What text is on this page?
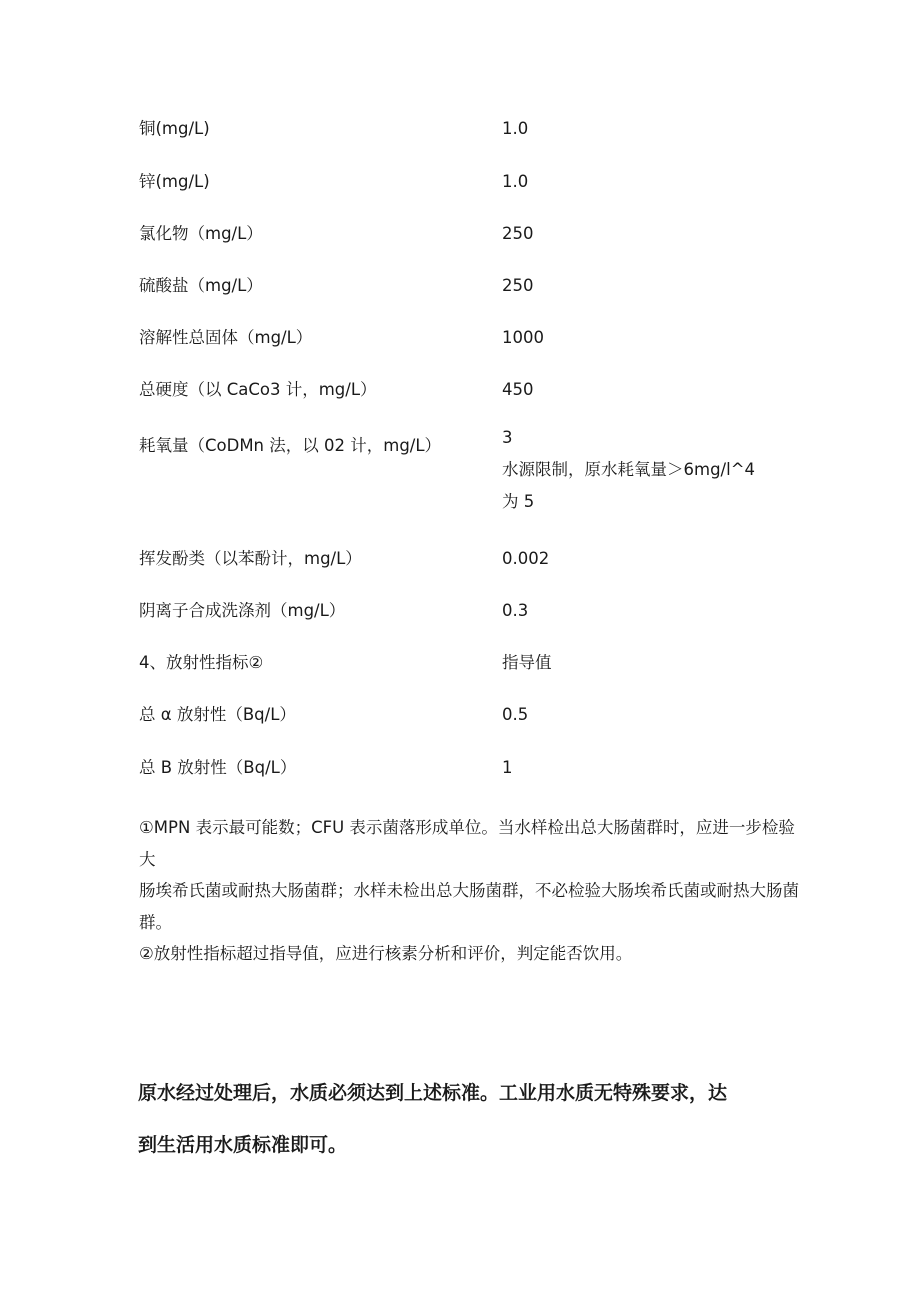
铜(mg/L)	1.0
锌(mg/L)	1.0
氯化物（mg/L）	250
硫酸盐（mg/L）	250
溶解性总固体（mg/L）	1000
总硬度（以 CaCo3 计，mg/L）	450
耗氧量（CoDMn 法，以 02 计，mg/L）	3
水源限制，原水耗氧量＞6mg/l^4
为 5
挥发酚类（以苯酚计，mg/L）	0.002
阴离子合成洗涤剂（mg/L）	0.3
4、放射性指标②	指导值
总 α 放射性（Bq/L）	0.5
总 B 放射性（Bq/L）	1

①MPN 表示最可能数；CFU 表示菌落形成单位。当水样检出总大肠菌群时，应进一步检验大

肠埃希氏菌或耐热大肠菌群；水样未检出总大肠菌群，不必检验大肠埃希氏菌或耐热大肠菌群。

②放射性指标超过指导值，应进行核素分析和评价，判定能否饮用。

原水经过处理后，水质必须达到上述标准。工业用水质无特殊要求，达

到生活用水质标准即可。
